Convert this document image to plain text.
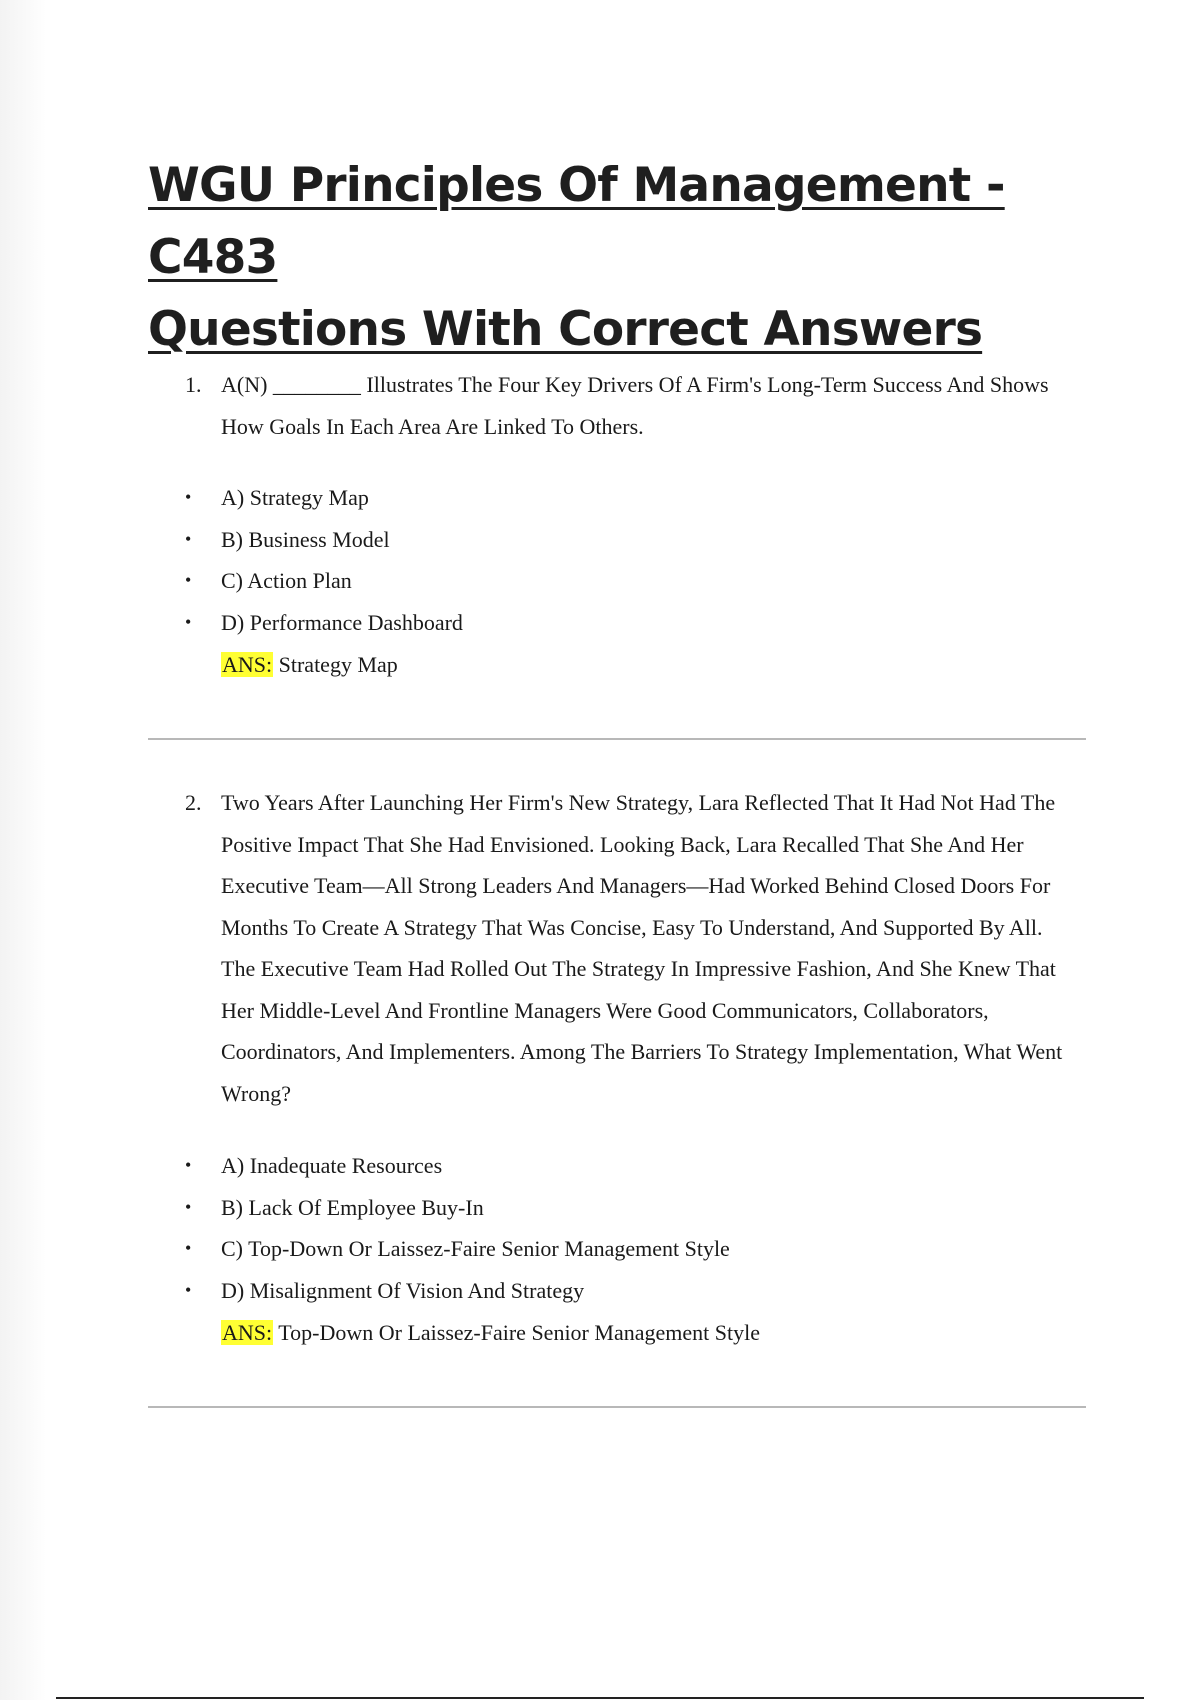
WGU Principles Of Management - C483
Questions With Correct Answers
1. A(N) ________ Illustrates The Four Key Drivers Of A Firm's Long-Term Success And Shows How Goals In Each Area Are Linked To Others.
•	A) Strategy Map
•	B) Business Model
•	C) Action Plan
•	D) Performance Dashboard
ANS: Strategy Map
2. Two Years After Launching Her Firm's New Strategy, Lara Reflected That It Had Not Had The Positive Impact That She Had Envisioned. Looking Back, Lara Recalled That She And Her Executive Team—All Strong Leaders And Managers—Had Worked Behind Closed Doors For Months To Create A Strategy That Was Concise, Easy To Understand, And Supported By All. The Executive Team Had Rolled Out The Strategy In Impressive Fashion, And She Knew That Her Middle-Level And Frontline Managers Were Good Communicators, Collaborators, Coordinators, And Implementers. Among The Barriers To Strategy Implementation, What Went Wrong?
•	A) Inadequate Resources
•	B) Lack Of Employee Buy-In
•	C) Top-Down Or Laissez-Faire Senior Management Style
•	D) Misalignment Of Vision And Strategy
ANS: Top-Down Or Laissez-Faire Senior Management Style
